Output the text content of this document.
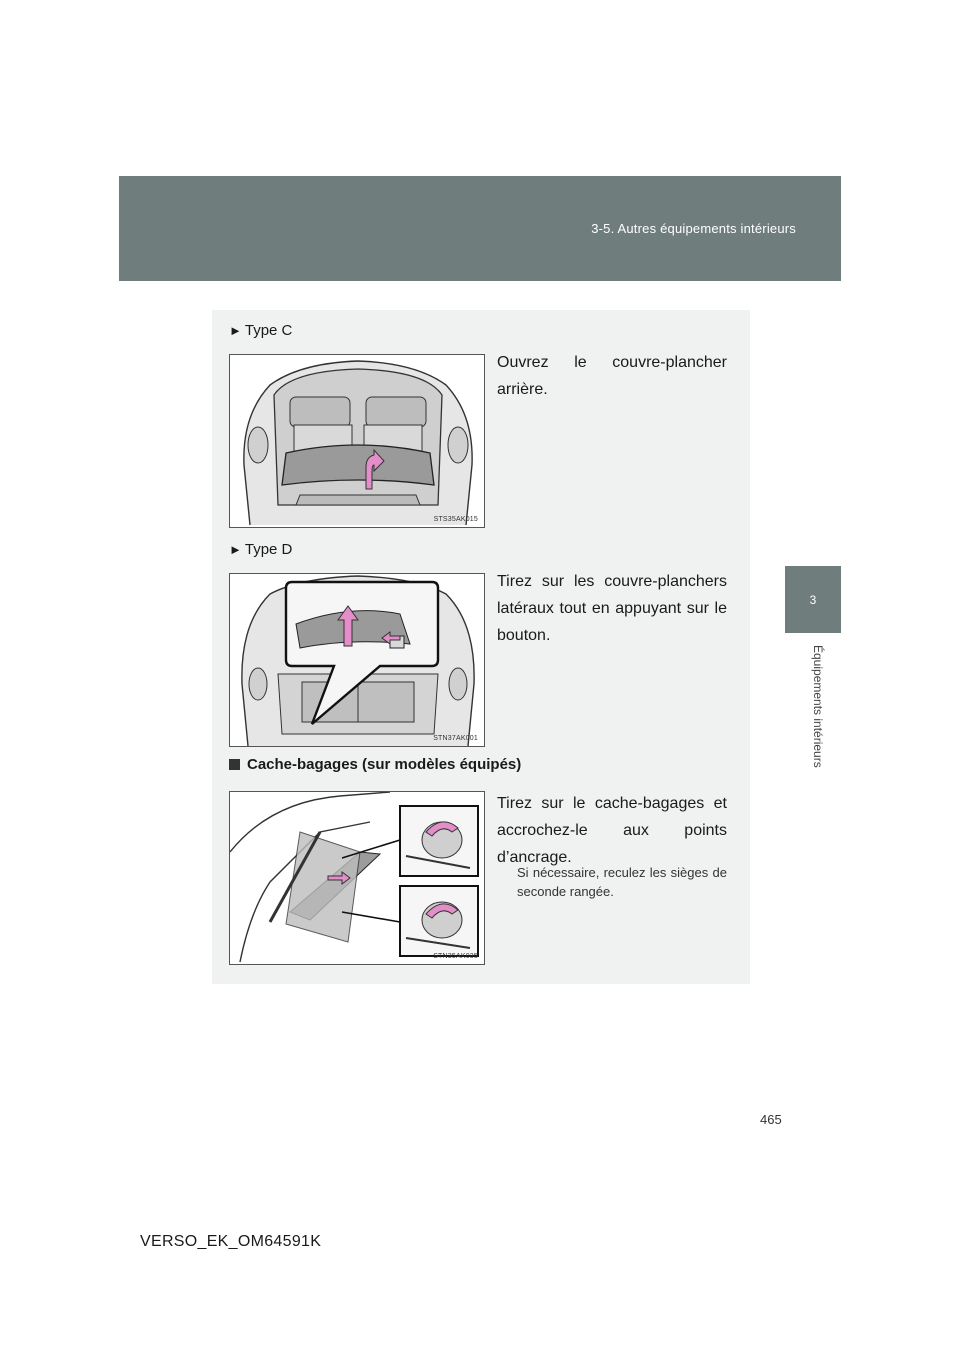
3-5. Autres équipements intérieurs
3
Équipements intérieurs
► Type C
STS35AK015
Ouvrez le couvre-plancher arrière.
► Type D
STN37AK001
Tirez sur les couvre-planchers latéraux tout en appuyant sur le bouton.
Cache-bagages (sur modèles équipés)
STN35AK035
Tirez sur le cache-bagages et accrochez-le aux points d’ancrage.
Si nécessaire, reculez les sièges de seconde rangée.
465
VERSO_EK_OM64591K
